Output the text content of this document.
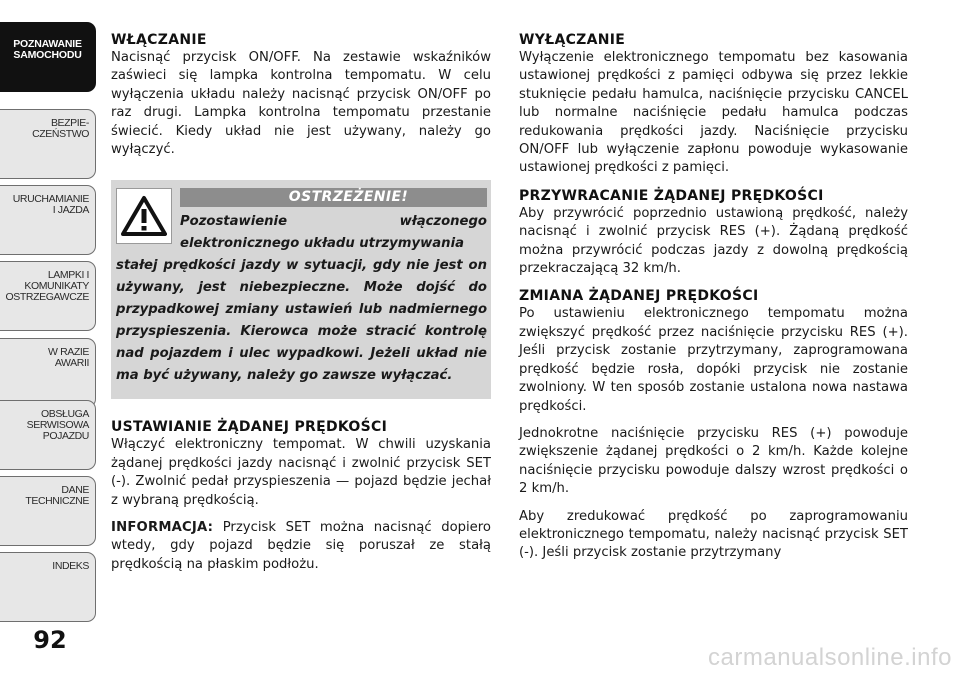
POZNAWANIE
SAMOCHODU
BEZPIE-
CZEŃSTWO
URUCHAMIANIE
I JAZDA
LAMPKI I
KOMUNIKATY
OSTRZEGAWCZE
W RAZIE
AWARII
OBSŁUGA
SERWISOWA
POJAZDU
DANE
TECHNICZNE
INDEKS
92
WŁĄCZANIE

Nacisnąć przycisk ON/OFF. Na zestawie wskaźników zaświeci się lampka kontrolna tempomatu. W celu wyłączenia układu należy nacisnąć przycisk ON/OFF po raz drugi. Lampka kontrolna tempomatu przestanie świecić. Kiedy układ nie jest używany, należy go wyłączyć.

OSTRZEŻENIE!
Pozostawienie włączonego elektronicznego układu utrzymywania
stałej prędkości jazdy w sytuacji, gdy nie jest on używany, jest niebezpieczne. Może dojść do przypadkowej zmiany ustawień lub nadmiernego przyspieszenia. Kierowca może stracić kontrolę nad pojazdem i ulec wypadkowi. Jeżeli układ nie ma być używany, należy go zawsze wyłączać.
USTAWIANIE ŻĄDANEJ PRĘDKOŚCI

Włączyć elektroniczny tempomat. W chwili uzyskania żądanej prędkości jazdy nacisnąć i zwolnić przycisk SET (-). Zwolnić pedał przyspieszenia — pojazd będzie jechał z wybraną prędkością.

INFORMACJA: Przycisk SET można nacisnąć dopiero wtedy, gdy pojazd będzie się poruszał ze stałą prędkością na płaskim podłożu.

WYŁĄCZANIE

Wyłączenie elektronicznego tempomatu bez kasowania ustawionej prędkości z pamięci odbywa się przez lekkie stuknięcie pedału hamulca, naciśnięcie przycisku CANCEL lub normalne naciśnięcie pedału hamulca podczas redukowania prędkości jazdy. Naciśnięcie przycisku ON/OFF lub wyłączenie zapłonu powoduje wykasowanie ustawionej prędkości z pamięci.

PRZYWRACANIE ŻĄDANEJ PRĘDKOŚCI

Aby przywrócić poprzednio ustawioną prędkość, należy nacisnąć i zwolnić przycisk RES (+). Żądaną prędkość można przywrócić podczas jazdy z dowolną prędkością przekraczającą 32 km/h.

ZMIANA ŻĄDANEJ PRĘDKOŚCI

Po ustawieniu elektronicznego tempomatu można zwiększyć prędkość przez naciśnięcie przycisku RES (+). Jeśli przycisk zostanie przytrzymany, zaprogramowana prędkość będzie rosła, dopóki przycisk nie zostanie zwolniony. W ten sposób zostanie ustalona nowa nastawa prędkości.

Jednokrotne naciśnięcie przycisku RES (+) powoduje zwiększenie żądanej prędkości o 2 km/h. Każde kolejne naciśnięcie przycisku powoduje dalszy wzrost prędkości o 2 km/h.

Aby zredukować prędkość po zaprogramowaniu elektronicznego tempomatu, należy nacisnąć przycisk SET (-). Jeśli przycisk zostanie przytrzymany

carmanualsonline.info
